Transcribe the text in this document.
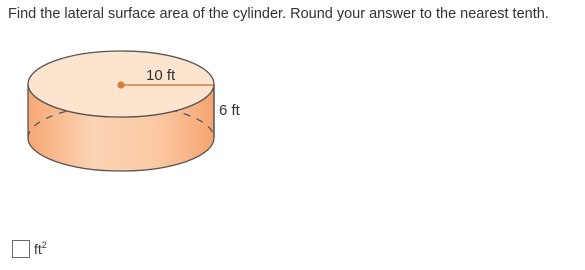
Find the lateral surface area of the cylinder. Round your answer to the nearest tenth.
10 ft
6 ft
$ft^2$
